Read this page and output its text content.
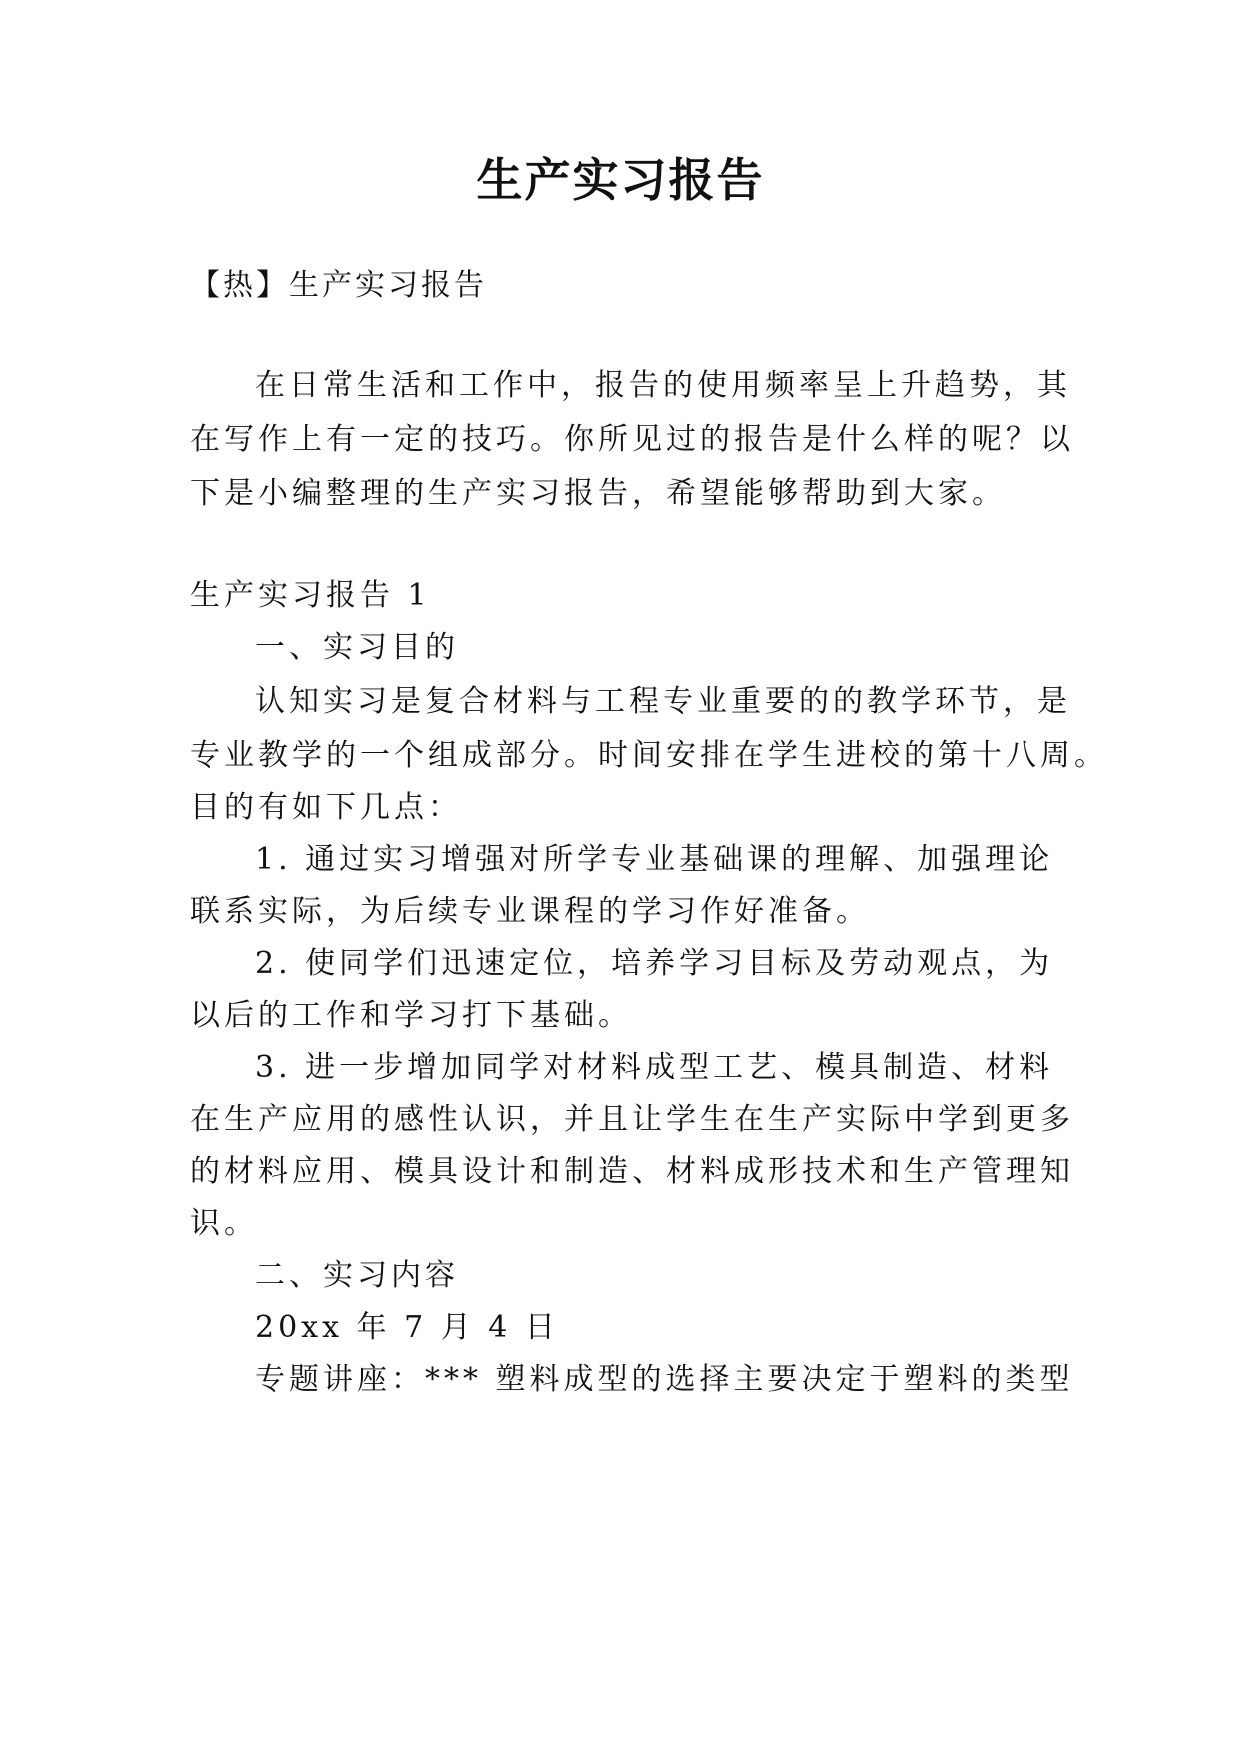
生产实习报告
【热】生产实习报告
在日常生活和工作中，报告的使用频率呈上升趋势，其
在写作上有一定的技巧。你所见过的报告是什么样的呢？以
下是小编整理的生产实习报告，希望能够帮助到大家。
生产实习报告 1
一、实习目的
认知实习是复合材料与工程专业重要的的教学环节，是
专业教学的一个组成部分。时间安排在学生进校的第十八周。
目的有如下几点：
1. 通过实习增强对所学专业基础课的理解、加强理论
联系实际，为后续专业课程的学习作好准备。
2. 使同学们迅速定位，培养学习目标及劳动观点，为
以后的工作和学习打下基础。
3. 进一步增加同学对材料成型工艺、模具制造、材料
在生产应用的感性认识，并且让学生在生产实际中学到更多
的材料应用、模具设计和制造、材料成形技术和生产管理知
识。
二、实习内容
20xx 年 7 月 4 日
专题讲座：*** 塑料成型的选择主要决定于塑料的类型
